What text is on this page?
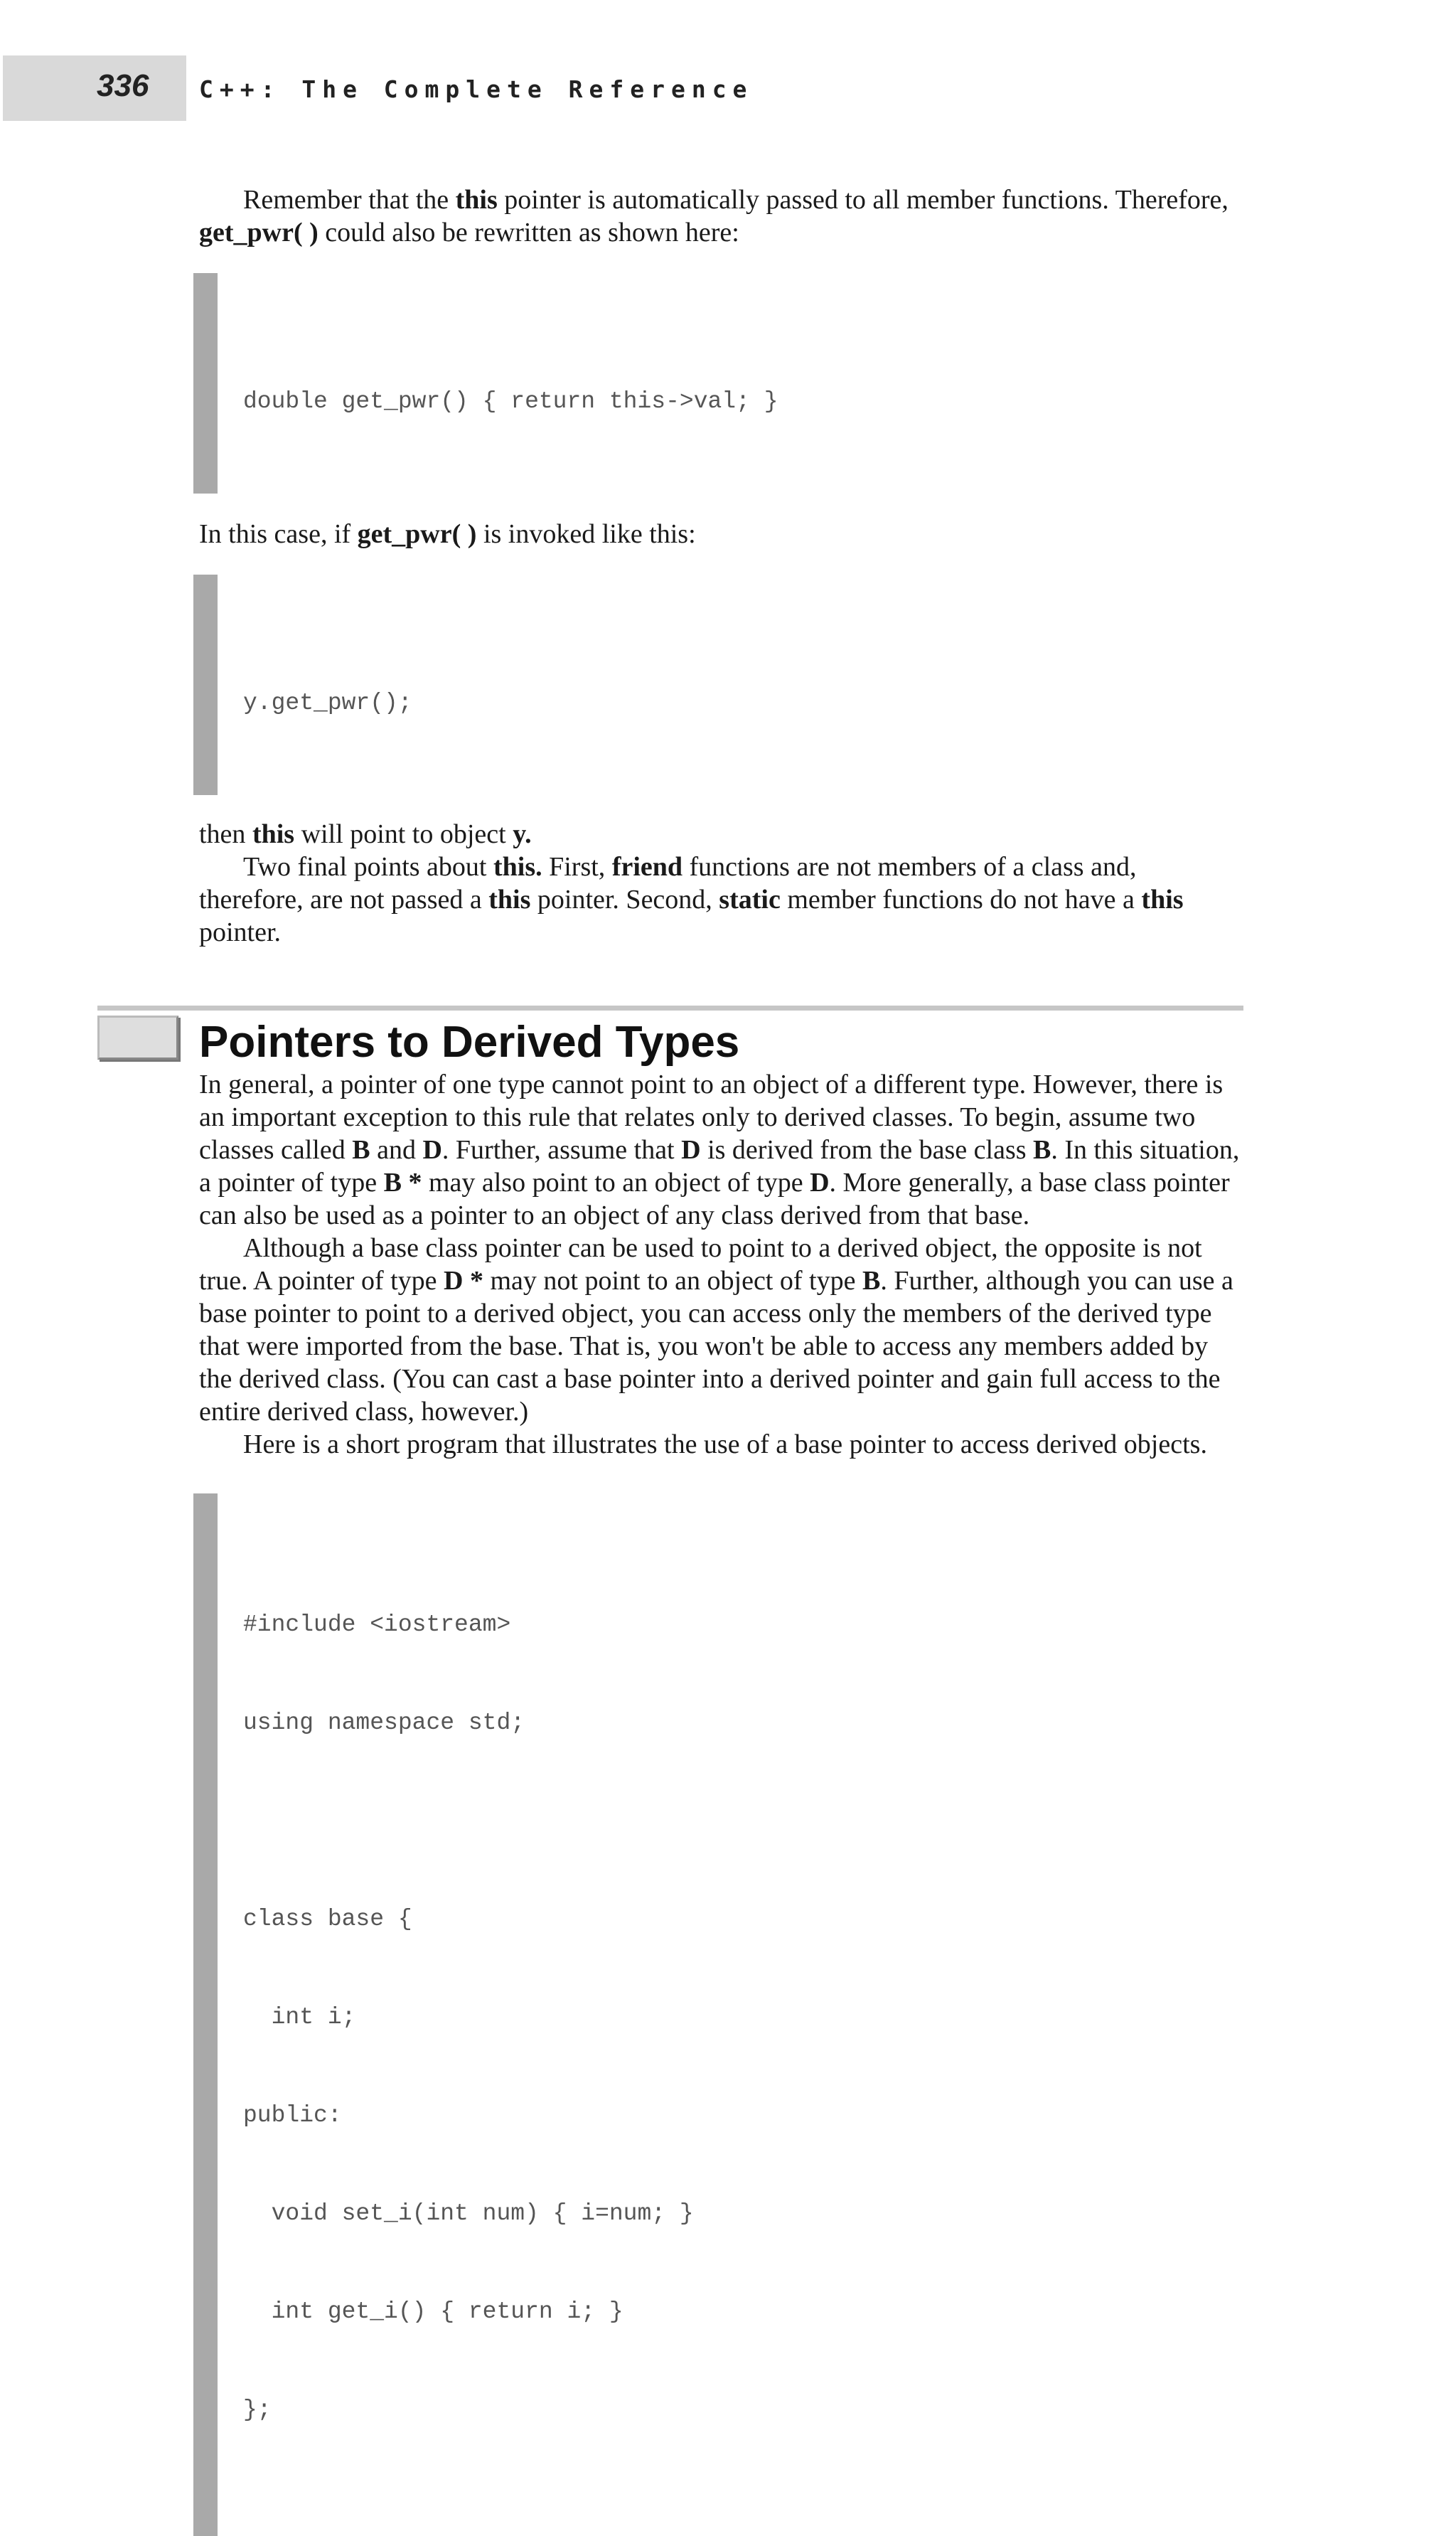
336 C++: The Complete Reference

Remember that the this pointer is automatically passed to all member functions. Therefore, get_pwr( ) could also be rewritten as shown here:

double get_pwr() { return this->val; }

In this case, if get_pwr( ) is invoked like this:

y.get_pwr();

then this will point to object y.

Two final points about this. First, friend functions are not members of a class and, therefore, are not passed a this pointer. Second, static member functions do not have a this pointer.

Pointers to Derived Types

In general, a pointer of one type cannot point to an object of a different type. However, there is an important exception to this rule that relates only to derived classes. To begin, assume two classes called B and D. Further, assume that D is derived from the base class B. In this situation, a pointer of type B * may also point to an object of type D. More generally, a base class pointer can also be used as a pointer to an object of any class derived from that base.

Although a base class pointer can be used to point to a derived object, the opposite is not true. A pointer of type D * may not point to an object of type B. Further, although you can use a base pointer to point to a derived object, you can access only the members of the derived type that were imported from the base. That is, you won't be able to access any members added by the derived class. (You can cast a base pointer into a derived pointer and gain full access to the entire derived class, however.)

Here is a short program that illustrates the use of a base pointer to access derived objects.

#include <iostream>

using namespace std;

class base {

int i;

public:

void set_i(int num) { i=num; }

int get_i() { return i; }

};
